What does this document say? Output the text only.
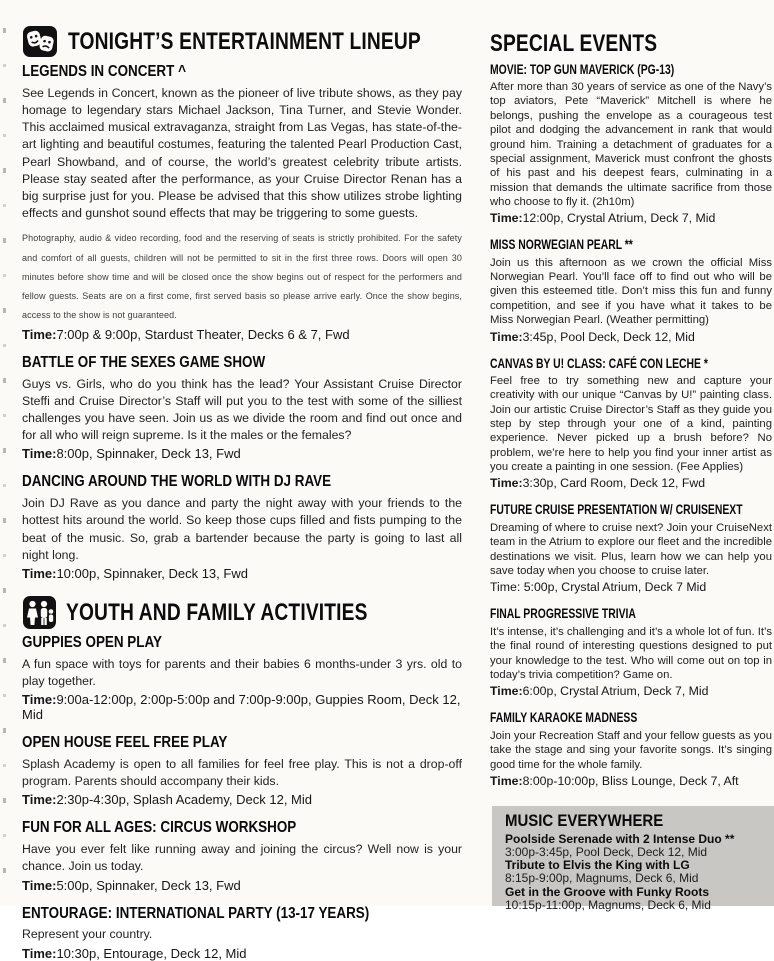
TONIGHT’S ENTERTAINMENT LINEUP
LEGENDS IN CONCERT ^

See Legends in Concert, known as the pioneer of live tribute shows, as they pay homage to legendary stars Michael Jackson, Tina Turner, and Stevie Wonder. This acclaimed musical extravaganza, straight from Las Vegas, has state-of-the-art lighting and beautiful costumes, featuring the talented Pearl Production Cast, Pearl Showband, and of course, the world’s greatest celebrity tribute artists. Please stay seated after the performance, as your Cruise Director Renan has a big surprise just for you. Please be advised that this show utilizes strobe lighting effects and gunshot sound effects that may be triggering to some guests.

Photography, audio & video recording, food and the reserving of seats is strictly prohibited. For the safety and comfort of all guests, children will not be permitted to sit in the first three rows. Doors will open 30 minutes before show time and will be closed once the show begins out of respect for the performers and fellow guests. Seats are on a first come, first served basis so please arrive early. Once the show begins, access to the show is not guaranteed.
Time:7:00p & 9:00p, Stardust Theater, Decks 6 & 7, Fwd
BATTLE OF THE SEXES GAME SHOW

Guys vs. Girls, who do you think has the lead? Your Assistant Cruise Director Steffi and Cruise Director’s Staff will put you to the test with some of the silliest challenges you have seen. Join us as we divide the room and find out once and for all who will reign supreme. Is it the males or the females?

Time:8:00p, Spinnaker, Deck 13, Fwd
DANCING AROUND THE WORLD WITH DJ RAVE

Join DJ Rave as you dance and party the night away with your friends to the hottest hits around the world. So keep those cups filled and fists pumping to the beat of the music. So, grab a bartender because the party is going to last all night long.

Time:10:00p, Spinnaker, Deck 13, Fwd
YOUTH AND FAMILY ACTIVITIES
GUPPIES OPEN PLAY

A fun space with toys for parents and their babies 6 months-under 3 yrs. old to play together.

Time:9:00a-12:00p, 2:00p-5:00p and 7:00p-9:00p, Guppies Room, Deck 12, Mid
OPEN HOUSE FEEL FREE PLAY

Splash Academy is open to all families for feel free play. This is not a drop-off program. Parents should accompany their kids.

Time:2:30p-4:30p, Splash Academy, Deck 12, Mid
FUN FOR ALL AGES: CIRCUS WORKSHOP

Have you ever felt like running away and joining the circus? Well now is your chance. Join us today.

Time:5:00p, Spinnaker, Deck 13, Fwd
ENTOURAGE: INTERNATIONAL PARTY (13-17 YEARS)

Represent your country.

Time:10:30p, Entourage, Deck 12, Mid
SPECIAL EVENTS
MOVIE: TOP GUN MAVERICK (PG-13)

After more than 30 years of service as one of the Navy’s top aviators, Pete “Maverick” Mitchell is where he belongs, pushing the envelope as a courageous test pilot and dodging the advancement in rank that would ground him. Training a detachment of graduates for a special assignment, Maverick must confront the ghosts of his past and his deepest fears, culminating in a mission that demands the ultimate sacrifice from those who choose to fly it. (2h10m)

Time:12:00p, Crystal Atrium, Deck 7, Mid
MISS NORWEGIAN PEARL **

Join us this afternoon as we crown the official Miss Norwegian Pearl. You’ll face off to find out who will be given this esteemed title. Don’t miss this fun and funny competition, and see if you have what it takes to be Miss Norwegian Pearl. (Weather permitting)

Time:3:45p, Pool Deck, Deck 12, Mid
CANVAS BY U! CLASS: CAFÉ CON LECHE *

Feel free to try something new and capture your creativity with our unique “Canvas by U!” painting class. Join our artistic Cruise Director’s Staff as they guide you step by step through your one of a kind, painting experience. Never picked up a brush before? No problem, we’re here to help you find your inner artist as you create a painting in one session. (Fee Applies)

Time:3:30p, Card Room, Deck 12, Fwd
FUTURE CRUISE PRESENTATION W/ CRUISENEXT

Dreaming of where to cruise next? Join your CruiseNext team in the Atrium to explore our fleet and the incredible destinations we visit. Plus, learn how we can help you save today when you choose to cruise later.

Time: 5:00p, Crystal Atrium, Deck 7 Mid
FINAL PROGRESSIVE TRIVIA

It’s intense, it’s challenging and it’s a whole lot of fun. It’s the final round of interesting questions designed to put your knowledge to the test. Who will come out on top in today’s trivia competition? Game on.

Time:6:00p, Crystal Atrium, Deck 7, Mid
FAMILY KARAOKE MADNESS

Join your Recreation Staff and your fellow guests as you take the stage and sing your favorite songs. It’s singing good time for the whole family.

Time:8:00p-10:00p, Bliss Lounge, Deck 7, Aft
MUSIC EVERYWHERE
Poolside Serenade with 2 Intense Duo **
3:00p-3:45p, Pool Deck, Deck 12, Mid
Tribute to Elvis the King with LG
8:15p-9:00p, Magnums, Deck 6, Mid
Get in the Groove with Funky Roots
10:15p-11:00p, Magnums, Deck 6, Mid
